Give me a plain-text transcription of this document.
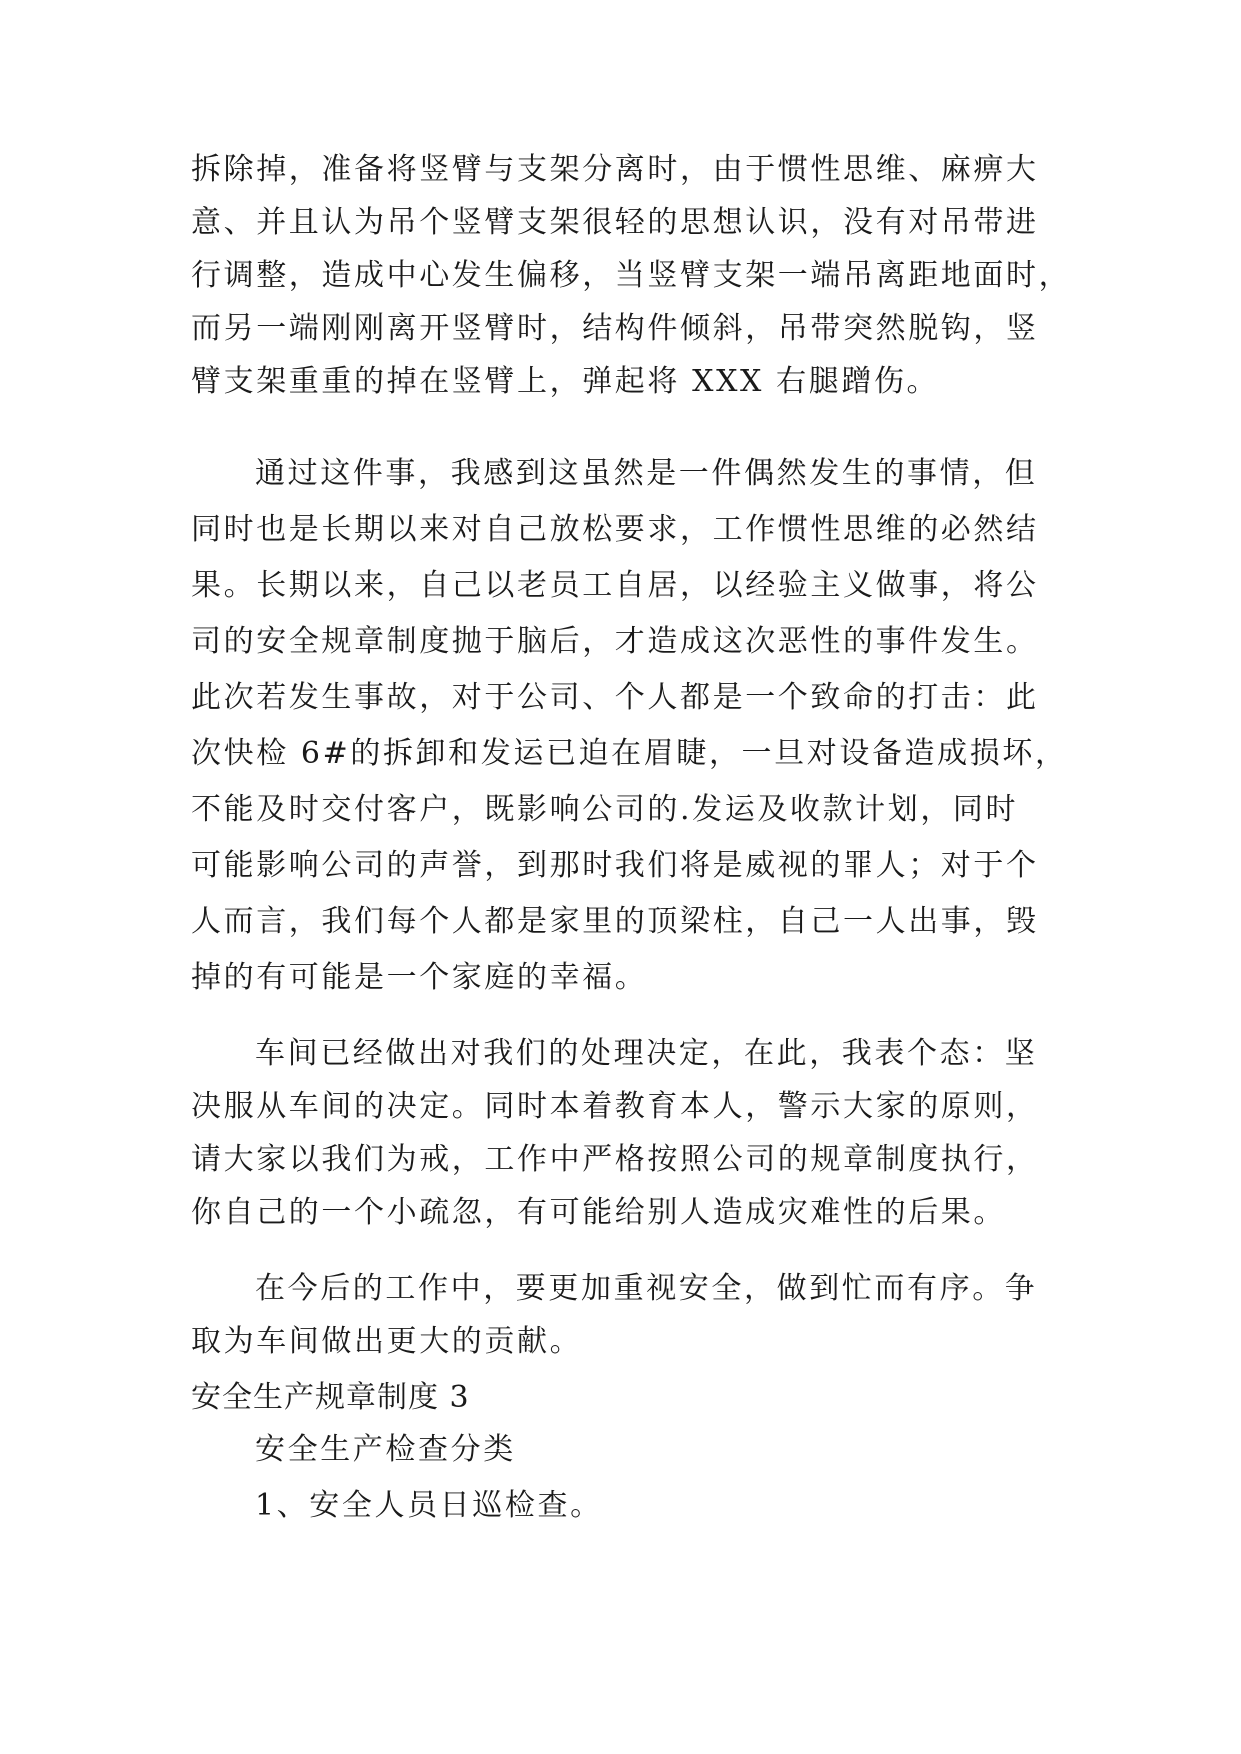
拆除掉，准备将竖臂与支架分离时，由于惯性思维、麻痹大
意、并且认为吊个竖臂支架很轻的思想认识，没有对吊带进
行调整，造成中心发生偏移，当竖臂支架一端吊离距地面时，
而另一端刚刚离开竖臂时，结构件倾斜，吊带突然脱钩，竖
臂支架重重的掉在竖臂上，弹起将 XXX 右腿蹭伤。
通过这件事，我感到这虽然是一件偶然发生的事情，但
同时也是长期以来对自己放松要求，工作惯性思维的必然结
果。长期以来，自己以老员工自居，以经验主义做事，将公
司的安全规章制度抛于脑后，才造成这次恶性的事件发生。
此次若发生事故，对于公司、个人都是一个致命的打击：此
次快检 6#的拆卸和发运已迫在眉睫，一旦对设备造成损坏，
不能及时交付客户，既影响公司的.发运及收款计划，同时
可能影响公司的声誉，到那时我们将是威视的罪人；对于个
人而言，我们每个人都是家里的顶梁柱，自己一人出事，毁
掉的有可能是一个家庭的幸福。
车间已经做出对我们的处理决定，在此，我表个态：坚
决服从车间的决定。同时本着教育本人，警示大家的原则，
请大家以我们为戒，工作中严格按照公司的规章制度执行，
你自己的一个小疏忽，有可能给别人造成灾难性的后果。
在今后的工作中，要更加重视安全，做到忙而有序。争
取为车间做出更大的贡献。
安全生产规章制度 3
安全生产检查分类
1、安全人员日巡检查。
